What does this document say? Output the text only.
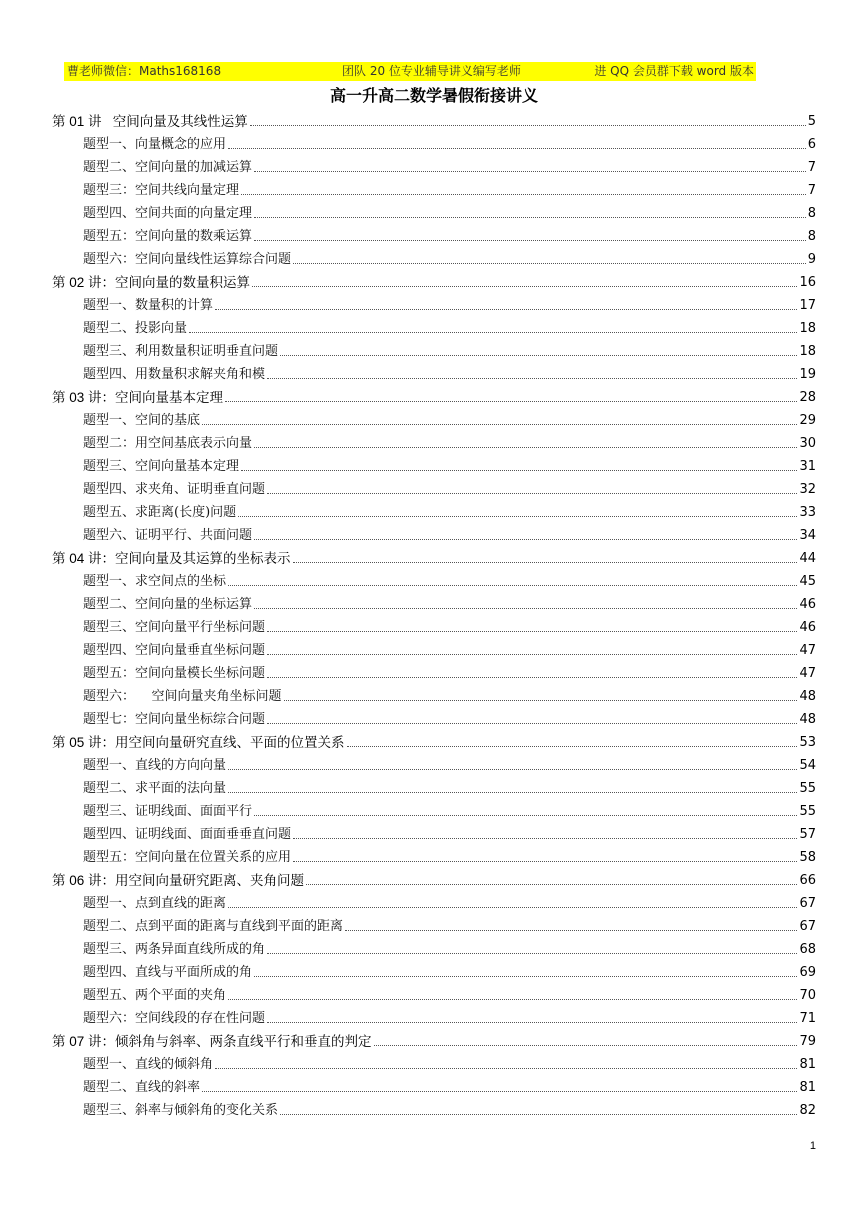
曹老师微信：Maths168168	团队 20 位专业辅导讲义编写老师	进 QQ 会员群下载 word 版本
高一升高二数学暑假衔接讲义
第 01 讲   空间向量及其线性运算	5
题型一、向量概念的应用	6
题型二、空间向量的加减运算	7
题型三：空间共线向量定理	7
题型四、空间共面的向量定理	8
题型五：空间向量的数乘运算	8
题型六：空间向量线性运算综合问题	9
第 02 讲：空间向量的数量积运算	16
题型一、数量积的计算	17
题型二、投影向量	18
题型三、利用数量积证明垂直问题	18
题型四、用数量积求解夹角和模	19
第 03 讲：空间向量基本定理	28
题型一、空间的基底	29
题型二：用空间基底表示向量	30
题型三、空间向量基本定理	31
题型四、求夹角、证明垂直问题	32
题型五、求距离(长度)问题	33
题型六、证明平行、共面问题	34
第 04 讲：空间向量及其运算的坐标表示	44
题型一、求空间点的坐标	45
题型二、空间向量的坐标运算	46
题型三、空间向量平行坐标问题	46
题型四、空间向量垂直坐标问题	47
题型五：空间向量模长坐标问题	47
题型六：    空间向量夹角坐标问题	48
题型七：空间向量坐标综合问题	48
第 05 讲：用空间向量研究直线、平面的位置关系	53
题型一、直线的方向向量	54
题型二、求平面的法向量	55
题型三、证明线面、面面平行	55
题型四、证明线面、面面垂垂直问题	57
题型五：空间向量在位置关系的应用	58
第 06 讲：用空间向量研究距离、夹角问题	66
题型一、点到直线的距离	67
题型二、点到平面的距离与直线到平面的距离	67
题型三、两条异面直线所成的角	68
题型四、直线与平面所成的角	69
题型五、两个平面的夹角	70
题型六：空间线段的存在性问题	71
第 07 讲：倾斜角与斜率、两条直线平行和垂直的判定	79
题型一、直线的倾斜角	81
题型二、直线的斜率	81
题型三、斜率与倾斜角的变化关系	82
1
